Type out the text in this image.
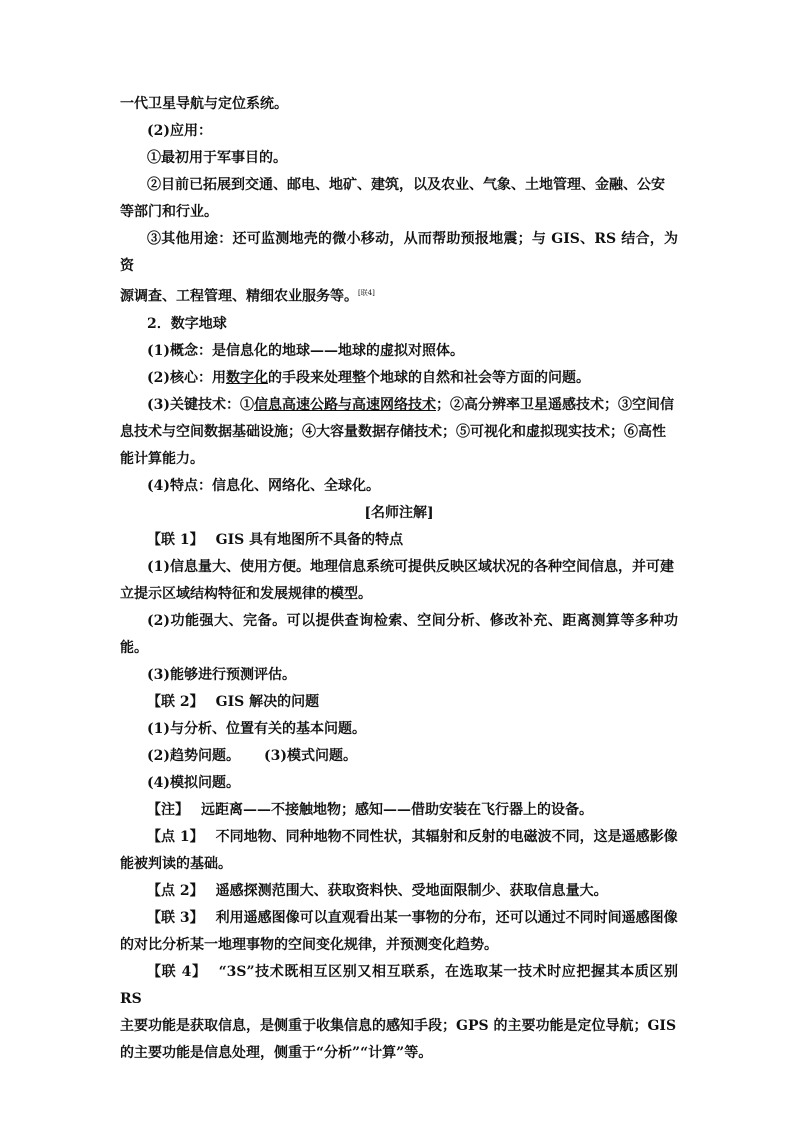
一代卫星导航与定位系统。

(2)应用：

①最初用于军事目的。

②目前已拓展到交通、邮电、地矿、建筑，以及农业、气象、土地管理、金融、公安

等部门和行业。

③其他用途：还可监测地壳的微小移动，从而帮助预报地震；与 GIS、RS 结合，为资

源调查、工程管理、精细农业服务等。[联4]

2．数字地球

(1)概念：是信息化的地球——地球的虚拟对照体。

(2)核心：用数字化的手段来处理整个地球的自然和社会等方面的问题。

(3)关键技术：①信息高速公路与高速网络技术；②高分辨率卫星遥感技术；③空间信

息技术与空间数据基础设施；④大容量数据存储技术；⑤可视化和虚拟现实技术；⑥高性

能计算能力。

(4)特点：信息化、网络化、全球化。

[名师注解]

【联 1】 GIS 具有地图所不具备的特点

(1)信息量大、使用方便。地理信息系统可提供反映区域状况的各种空间信息，并可建

立提示区域结构特征和发展规律的模型。

(2)功能强大、完备。可以提供查询检索、空间分析、修改补充、距离测算等多种功能。

(3)能够进行预测评估。

【联 2】 GIS 解决的问题

(1)与分析、位置有关的基本问题。

(2)趋势问题。 (3)模式问题。

(4)模拟问题。

【注】 远距离——不接触地物；感知——借助安装在飞行器上的设备。

【点 1】 不同地物、同种地物不同性状，其辐射和反射的电磁波不同，这是遥感影像

能被判读的基础。

【点 2】 遥感探测范围大、获取资料快、受地面限制少、获取信息量大。

【联 3】 利用遥感图像可以直观看出某一事物的分布，还可以通过不同时间遥感图像

的对比分析某一地理事物的空间变化规律，并预测变化趋势。

【联 4】 “3S”技术既相互区别又相互联系，在选取某一技术时应把握其本质区别 RS

主要功能是获取信息，是侧重于收集信息的感知手段；GPS 的主要功能是定位导航；GIS

的主要功能是信息处理，侧重于“分析”“计算”等。
